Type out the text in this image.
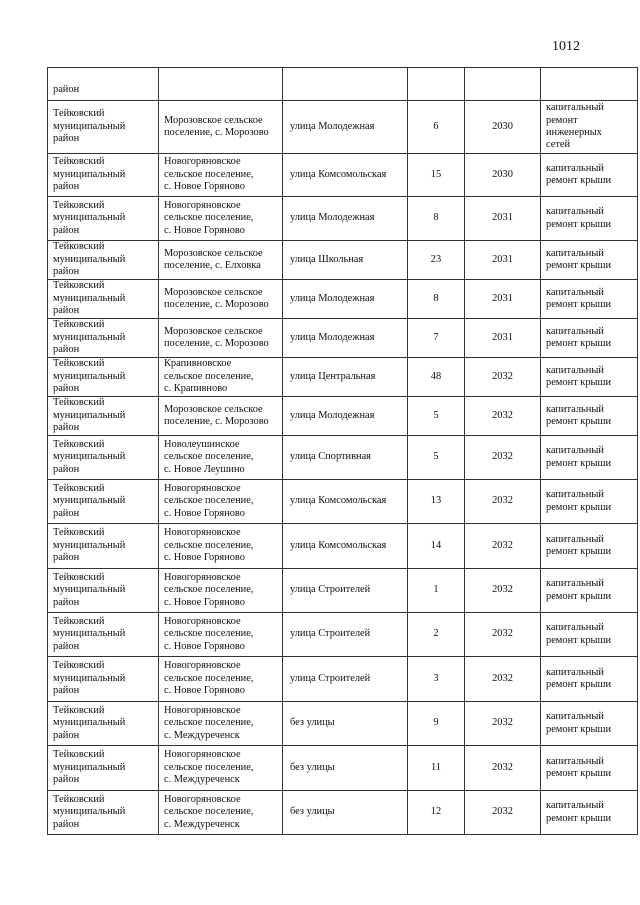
1012
район					

Тейковский
муниципальный
район	Морозовское сельское
поселение, с. Морозово	улица Молодежная	6	2030	капитальный
ремонт
инженерных
сетей

Тейковский
муниципальный
район	Новогоряновское
сельское поселение,
с. Новое Горяново	улица Комсомольская	15	2030	капитальный
ремонт крыши

Тейковский
муниципальный
район	Новогоряновское
сельское поселение,
с. Новое Горяново	улица Молодежная	8	2031	капитальный
ремонт крыши

Тейковский
муниципальный
район	Морозовское сельское
поселение, с. Елховка	улица Школьная	23	2031	капитальный
ремонт крыши

Тейковский
муниципальный
район	Морозовское сельское
поселение, с. Морозово	улица Молодежная	8	2031	капитальный
ремонт крыши

Тейковский
муниципальный
район	Морозовское сельское
поселение, с. Морозово	улица Молодежная	7	2031	капитальный
ремонт крыши

Тейковский
муниципальный
район	Крапивновское
сельское поселение,
с. Крапивново	улица Центральная	48	2032	капитальный
ремонт крыши

Тейковский
муниципальный
район	Морозовское сельское
поселение, с. Морозово	улица Молодежная	5	2032	капитальный
ремонт крыши

Тейковский
муниципальный
район	Новолеушинское
сельское поселение,
с. Новое Леушино	улица Спортивная	5	2032	капитальный
ремонт крыши

Тейковский
муниципальный
район	Новогоряновское
сельское поселение,
с. Новое Горяново	улица Комсомольская	13	2032	капитальный
ремонт крыши

Тейковский
муниципальный
район	Новогоряновское
сельское поселение,
с. Новое Горяново	улица Комсомольская	14	2032	капитальный
ремонт крыши

Тейковский
муниципальный
район	Новогоряновское
сельское поселение,
с. Новое Горяново	улица Строителей	1	2032	капитальный
ремонт крыши

Тейковский
муниципальный
район	Новогоряновское
сельское поселение,
с. Новое Горяново	улица Строителей	2	2032	капитальный
ремонт крыши

Тейковский
муниципальный
район	Новогоряновское
сельское поселение,
с. Новое Горяново	улица Строителей	3	2032	капитальный
ремонт крыши

Тейковский
муниципальный
район	Новогоряновское
сельское поселение,
с. Междуреченск	без улицы	9	2032	капитальный
ремонт крыши

Тейковский
муниципальный
район	Новогоряновское
сельское поселение,
с. Междуреченск	без улицы	11	2032	капитальный
ремонт крыши

Тейковский
муниципальный
район	Новогоряновское
сельское поселение,
с. Междуреченск	без улицы	12	2032	капитальный
ремонт крыши
